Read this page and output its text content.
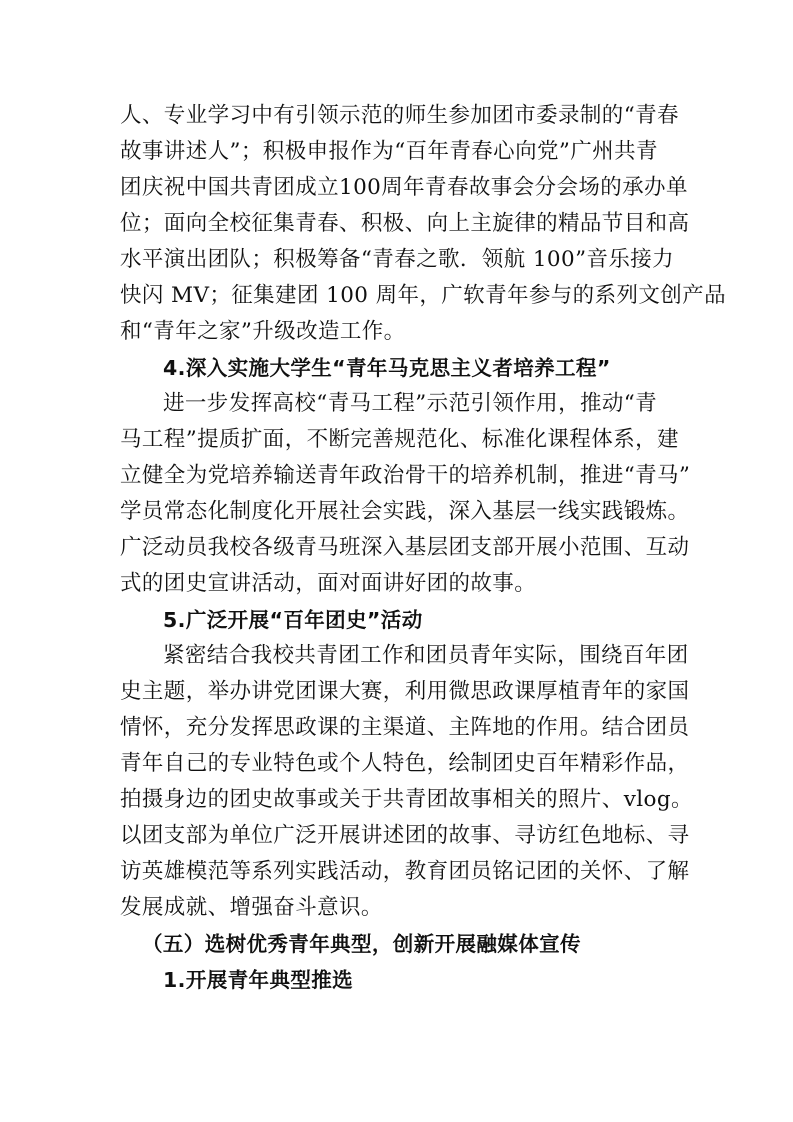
人、专业学习中有引领示范的师生参加团市委录制的“青春
故事讲述人”；积极申报作为“百年青春心向党”广州共青
团庆祝中国共青团成立100周年青春故事会分会场的承办单
位；面向全校征集青春、积极、向上主旋律的精品节目和高
水平演出团队；积极筹备“青春之歌．领航 100”音乐接力
快闪 MV；征集建团 100 周年，广软青年参与的系列文创产品
和“青年之家”升级改造工作。
4.深入实施大学生“青年马克思主义者培养工程”
进一步发挥高校“青马工程”示范引领作用，推动“青
马工程”提质扩面，不断完善规范化、标准化课程体系，建
立健全为党培养输送青年政治骨干的培养机制，推进“青马”
学员常态化制度化开展社会实践，深入基层一线实践锻炼。
广泛动员我校各级青马班深入基层团支部开展小范围、互动
式的团史宣讲活动，面对面讲好团的故事。
5.广泛开展“百年团史”活动
紧密结合我校共青团工作和团员青年实际，围绕百年团
史主题，举办讲党团课大赛，利用微思政课厚植青年的家国
情怀，充分发挥思政课的主渠道、主阵地的作用。结合团员
青年自己的专业特色或个人特色，绘制团史百年精彩作品，
拍摄身边的团史故事或关于共青团故事相关的照片、vlog。
以团支部为单位广泛开展讲述团的故事、寻访红色地标、寻
访英雄模范等系列实践活动，教育团员铭记团的关怀、了解
发展成就、增强奋斗意识。
（五）选树优秀青年典型，创新开展融媒体宣传
1.开展青年典型推选
